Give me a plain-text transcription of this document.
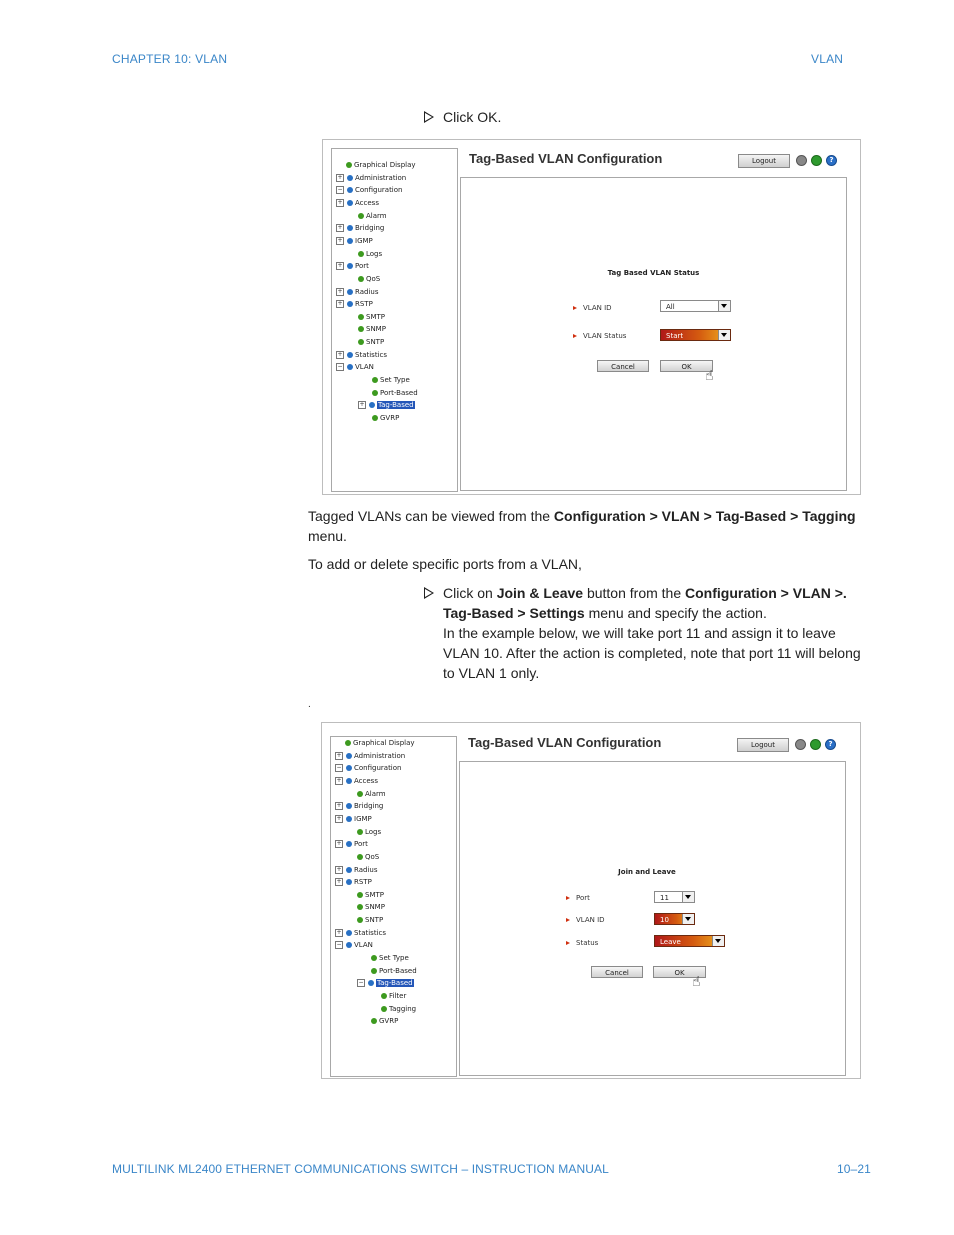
CHAPTER 10: VLAN	VLAN
Click OK.
Graphical Display
+ Administration
− Configuration
+ Access
Alarm
+ Bridging
+ IGMP
Logs
+ Port
QoS
+ Radius
+ RSTP
SMTP
SNMP
SNTP
+ Statistics
− VLAN
Set Type
Port-Based
+ Tag-Based
GVRP
Tag-Based VLAN Configuration	Logout	?
Tag Based VLAN Status
VLAN ID	All
VLAN Status	Start
Cancel	OK
☝
Tagged VLANs can be viewed from the Configuration > VLAN > Tag-Based > Tagging menu.
To add or delete specific ports from a VLAN,
Click on Join & Leave button from the Configuration > VLAN >. Tag-Based > Settings menu and specify the action.
In the example below, we will take port 11 and assign it to leave VLAN 10. After the action is completed, note that port 11 will belong to VLAN 1 only.
.
Graphical Display
+ Administration
− Configuration
+ Access
Alarm
+ Bridging
+ IGMP
Logs
+ Port
QoS
+ Radius
+ RSTP
SMTP
SNMP
SNTP
+ Statistics
− VLAN
Set Type
Port-Based
− Tag-Based
Filter
Tagging
GVRP
Tag-Based VLAN Configuration	Logout	?
Join and Leave
Port	11
VLAN ID	10
Status	Leave
Cancel	OK
☝
MULTILINK ML2400 ETHERNET COMMUNICATIONS SWITCH – INSTRUCTION MANUAL	10–21
